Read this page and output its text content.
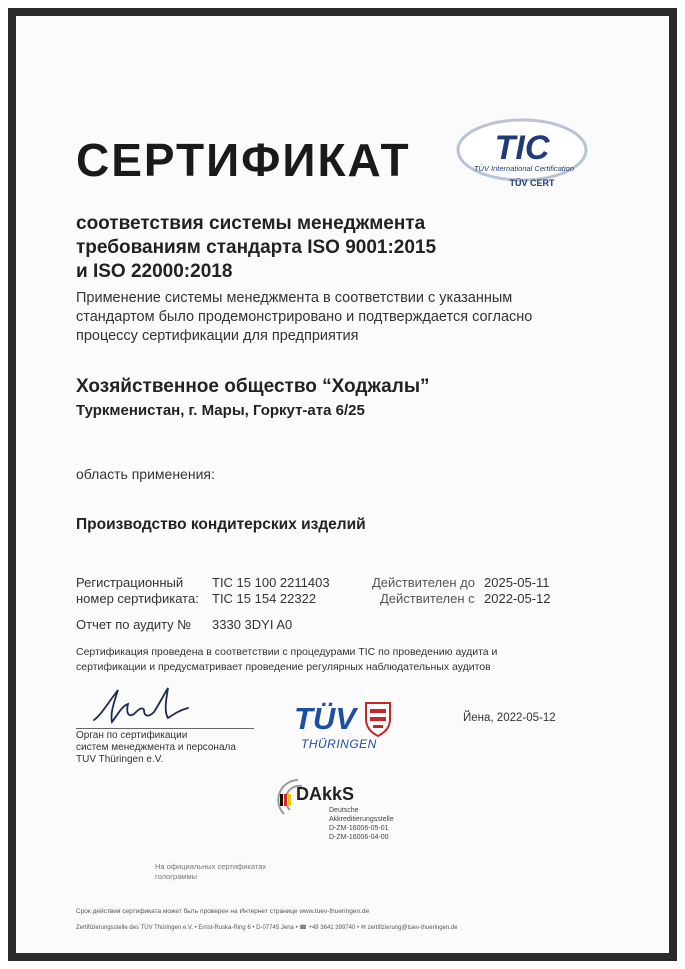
СЕРТИФИКАТ TIC
TÜV International Certification
TÜV CERT
соответствия системы менеджмента
требованиям стандарта ISO 9001:2015
и ISO 22000:2018
Применение системы менеджмента в соответствии с указанным
стандартом было продемонстрировано и подтверждается согласно
процессу сертификации для предприятия
Хозяйственное общество “Ходжалы”
Туркменистан, г. Мары, Горкут-ата 6/25
область применения:
Производство кондитерских изделий
Регистрационный
номер сертификата:
TIC 15 100 2211403
TIC 15 154 22322
Действителен до 2025-05-11
Действителен с 2022-05-12
Отчет по аудиту № 3330 3DYI A0
Сертификация проведена в соответствии с процедурами TIC по проведению аудита и
сертификации и предусматривает проведение регулярных наблюдательных аудитов
Орган по сертификации
систем менеджмента и персонала
TUV Thüringen e.V.
TÜV
THÜRINGEN
Йена, 2022-05-12
DAkkS
Deutsche
Akkreditierungsstelle
D-ZM-16006-05-01
D-ZM-16006-04-00
На официальных сертификатах
голограммы
Срок действия сертификата может быть проверен на Интернет странице www.tuev-thueringen.de
Zertifizierungsstelle des TÜV Thüringen e.V. • Ernst-Ruska-Ring 6 • D-07745 Jena • ☎ +49 3641 399740 • ✉ zertifizierung@tuev-thueringen.de
